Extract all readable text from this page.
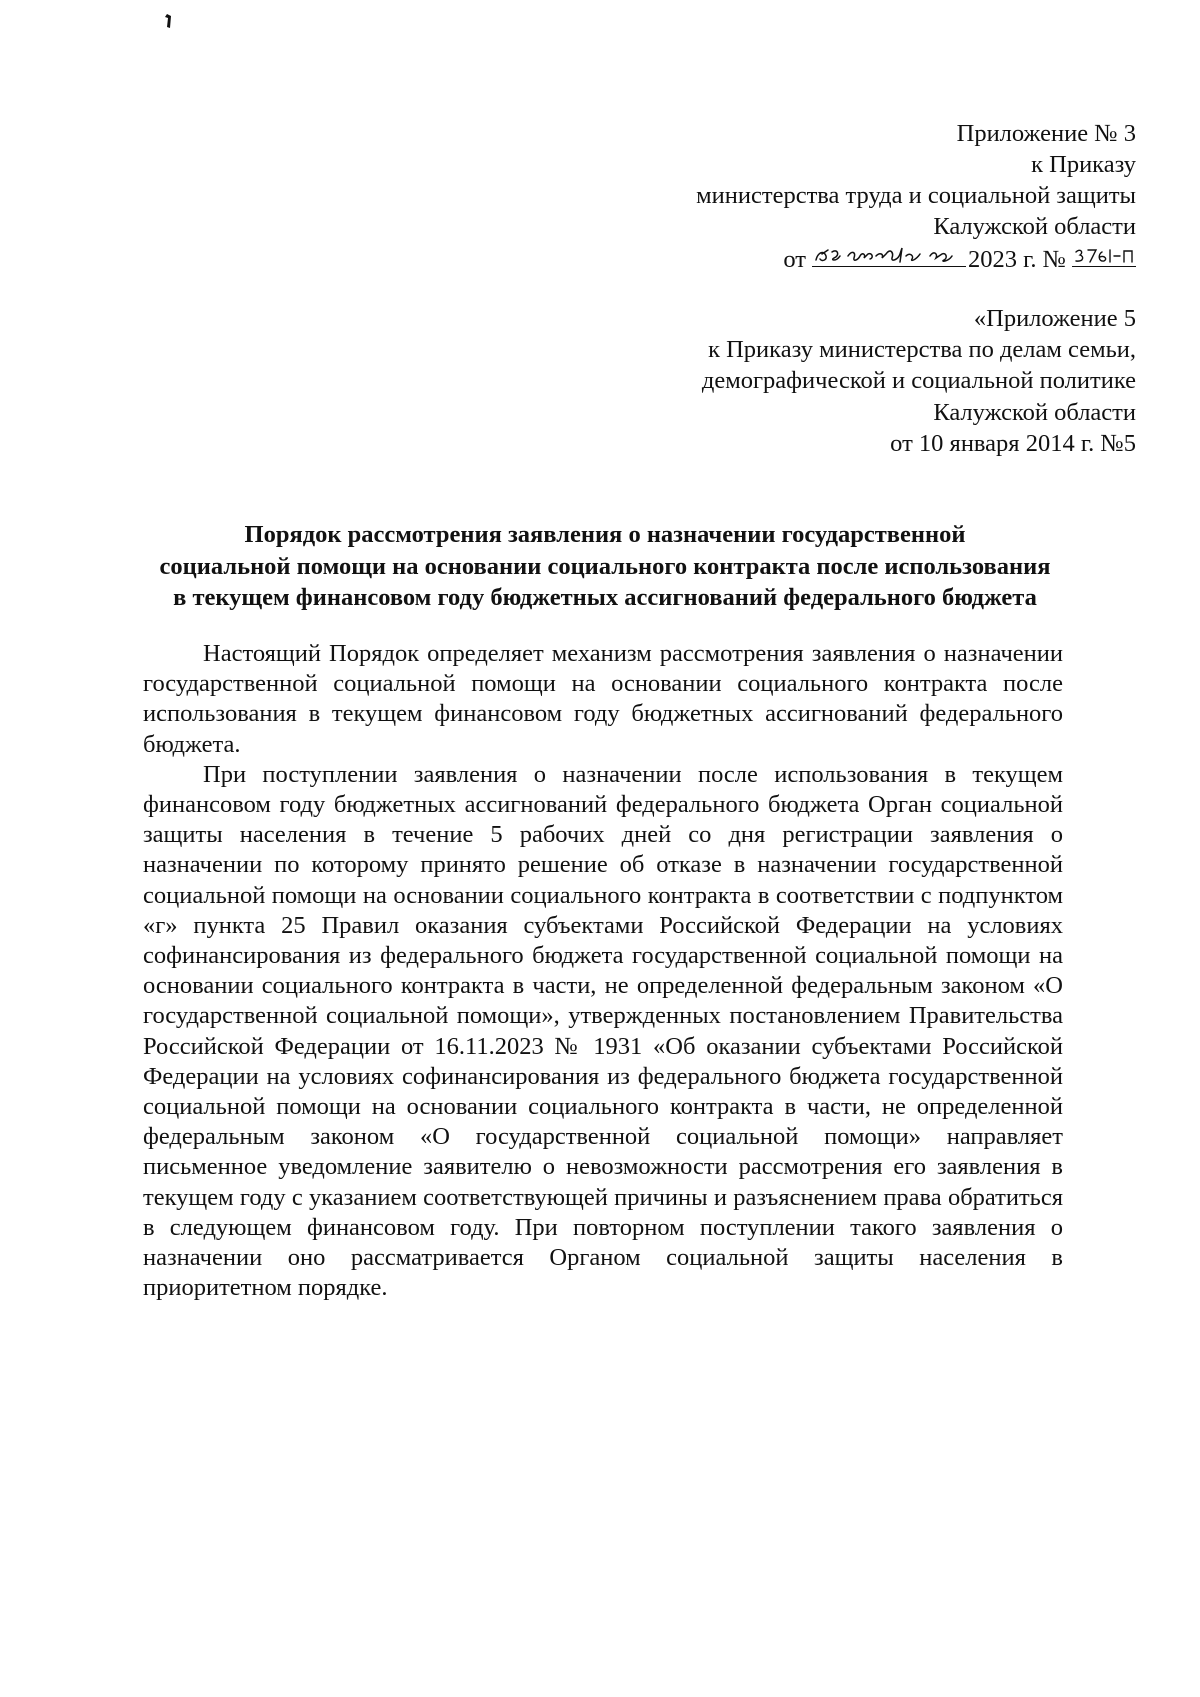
Приложение № 3
к Приказу
министерства труда и социальной защиты
Калужской области
от	2023 г. №
«Приложение 5
к Приказу министерства по делам семьи,
демографической и социальной политике
Калужской области
от 10 января 2014 г. №5
Порядок рассмотрения заявления о назначении государственной
социальной помощи на основании социального контракта после использования
в текущем финансовом году бюджетных ассигнований федерального бюджета

Настоящий Порядок определяет механизм рассмотрения заявления о назначении государственной социальной помощи на основании социального контракта после использования в текущем финансовом году бюджетных ассигнований федерального бюджета.

При поступлении заявления о назначении после использования в текущем финансовом году бюджетных ассигнований федерального бюджета Орган социальной защиты населения в течение 5 рабочих дней со дня регистрации заявления о назначении по которому принято решение об отказе в назначении государственной социальной помощи на основании социального контракта в соответствии с подпунктом «г» пункта 25 Правил оказания субъектами Российской Федерации на условиях софинансирования из федерального бюджета государственной социальной помощи на основании социального контракта в части, не определенной федеральным законом «О государственной социальной помощи», утвержденных постановлением Правительства Российской Федерации от 16.11.2023 № 1931 «Об оказании субъектами Российской Федерации на условиях софинансирования из федерального бюджета государственной социальной помощи на основании социального контракта в части, не определенной федеральным законом «О государственной социальной помощи» направляет письменное уведомление заявителю о невозможности рассмотрения его заявления в текущем году с указанием соответствующей причины и разъяснением права обратиться в следующем финансовом году. При повторном поступлении такого заявления о назначении оно рассматривается Органом социальной защиты населения в приоритетном порядке.
